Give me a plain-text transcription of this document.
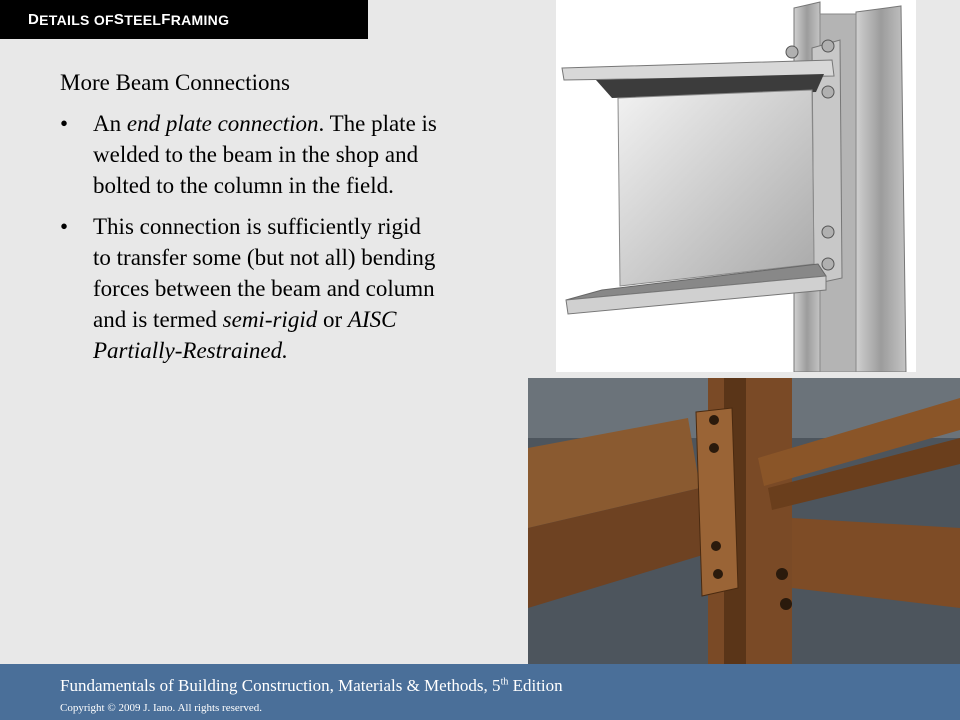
D ETAILS OF S TEEL F RAMING
More Beam Connections
• An end plate connection. The plate is welded to the beam in the shop and bolted to the column in the field.
• This connection is sufficiently rigid to transfer some (but not all) bending forces between the beam and column and is termed semi-rigid or AISC Partially-Restrained.
Fundamentals of Building Construction, Materials & Methods, 5th Edition
Copyright © 2009 J. Iano. All rights reserved.
